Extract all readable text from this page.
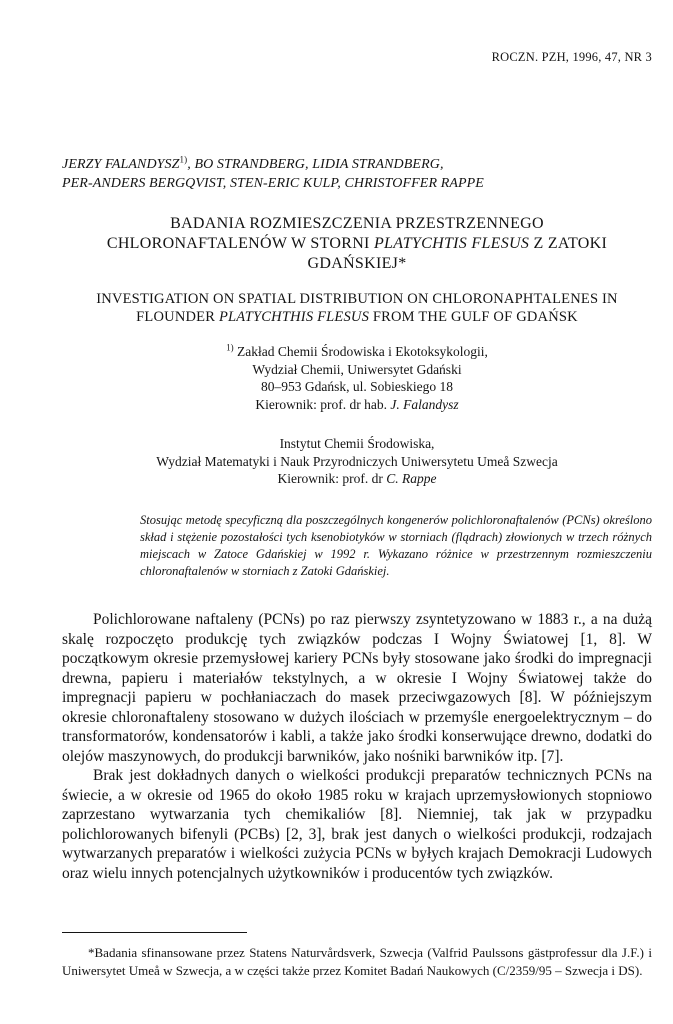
ROCZN. PZH, 1996, 47, NR 3
JERZY FALANDYSZ$^{1)}$, BO STRANDBERG, LIDIA STRANDBERG,
PER-ANDERS BERGQVIST, STEN-ERIC KULP, CHRISTOFFER RAPPE
BADANIA ROZMIESZCZENIA PRZESTRZENNEGO
CHLORONAFTALENÓW W STORNI PLATYCHTIS FLESUS Z ZATOKI
GDAŃSKIEJ*
INVESTIGATION ON SPATIAL DISTRIBUTION ON CHLORONAPHTALENES IN
FLOUNDER PLATYCHTHIS FLESUS FROM THE GULF OF GDAŃSK
$^{1)}$ Zakład Chemii Środowiska i Ekotoksykologii,
Wydział Chemii, Uniwersytet Gdański
80–953 Gdańsk, ul. Sobieskiego 18
Kierownik: prof. dr hab. J. Falandysz
Instytut Chemii Środowiska,
Wydział Matematyki i Nauk Przyrodniczych Uniwersytetu Umeå Szwecja
Kierownik: prof. dr C. Rappe
Stosując metodę specyficzną dla poszczególnych kongenerów polichloronaftalenów (PCNs) określono skład i stężenie pozostałości tych ksenobiotyków w storniach (flądrach) złowionych w trzech różnych miejscach w Zatoce Gdańskiej w 1992 r. Wykazano różnice w przestrzennym rozmieszczeniu chloronaftalenów w storniach z Zatoki Gdańskiej.

Polichlorowane naftaleny (PCNs) po raz pierwszy zsyntetyzowano w 1883 r., a na dużą skalę rozpoczęto produkcję tych związków podczas I Wojny Światowej [1, 8]. W początkowym okresie przemysłowej kariery PCNs były stosowane jako środki do impregnacji drewna, papieru i materiałów tekstylnych, a w okresie I Wojny Światowej także do impregnacji papieru w pochłaniaczach do masek przeciwgazowych [8]. W późniejszym okresie chloronaftaleny stosowano w dużych ilościach w przemyśle energoelektrycznym – do transformatorów, kondensatorów i kabli, a także jako środki konserwujące drewno, dodatki do olejów maszynowych, do produkcji barwników, jako nośniki barwników itp. [7].

Brak jest dokładnych danych o wielkości produkcji preparatów technicznych PCNs na świecie, a w okresie od 1965 do około 1985 roku w krajach uprzemysłowionych stopniowo zaprzestano wytwarzania tych chemikaliów [8]. Niemniej, tak jak w przypadku polichlorowanych bifenyli (PCBs) [2, 3], brak jest danych o wielkości produkcji, rodzajach wytwarzanych preparatów i wielkości zużycia PCNs w byłych krajach Demokracji Ludowych oraz wielu innych potencjalnych użytkowników i producentów tych związków.

*Badania sfinansowane przez Statens Naturvårdsverk, Szwecja (Valfrid Paulssons gästprofessur dla J.F.) i Uniwersytet Umeå w Szwecja, a w części także przez Komitet Badań Naukowych (C/2359/95 – Szwecja i DS).
